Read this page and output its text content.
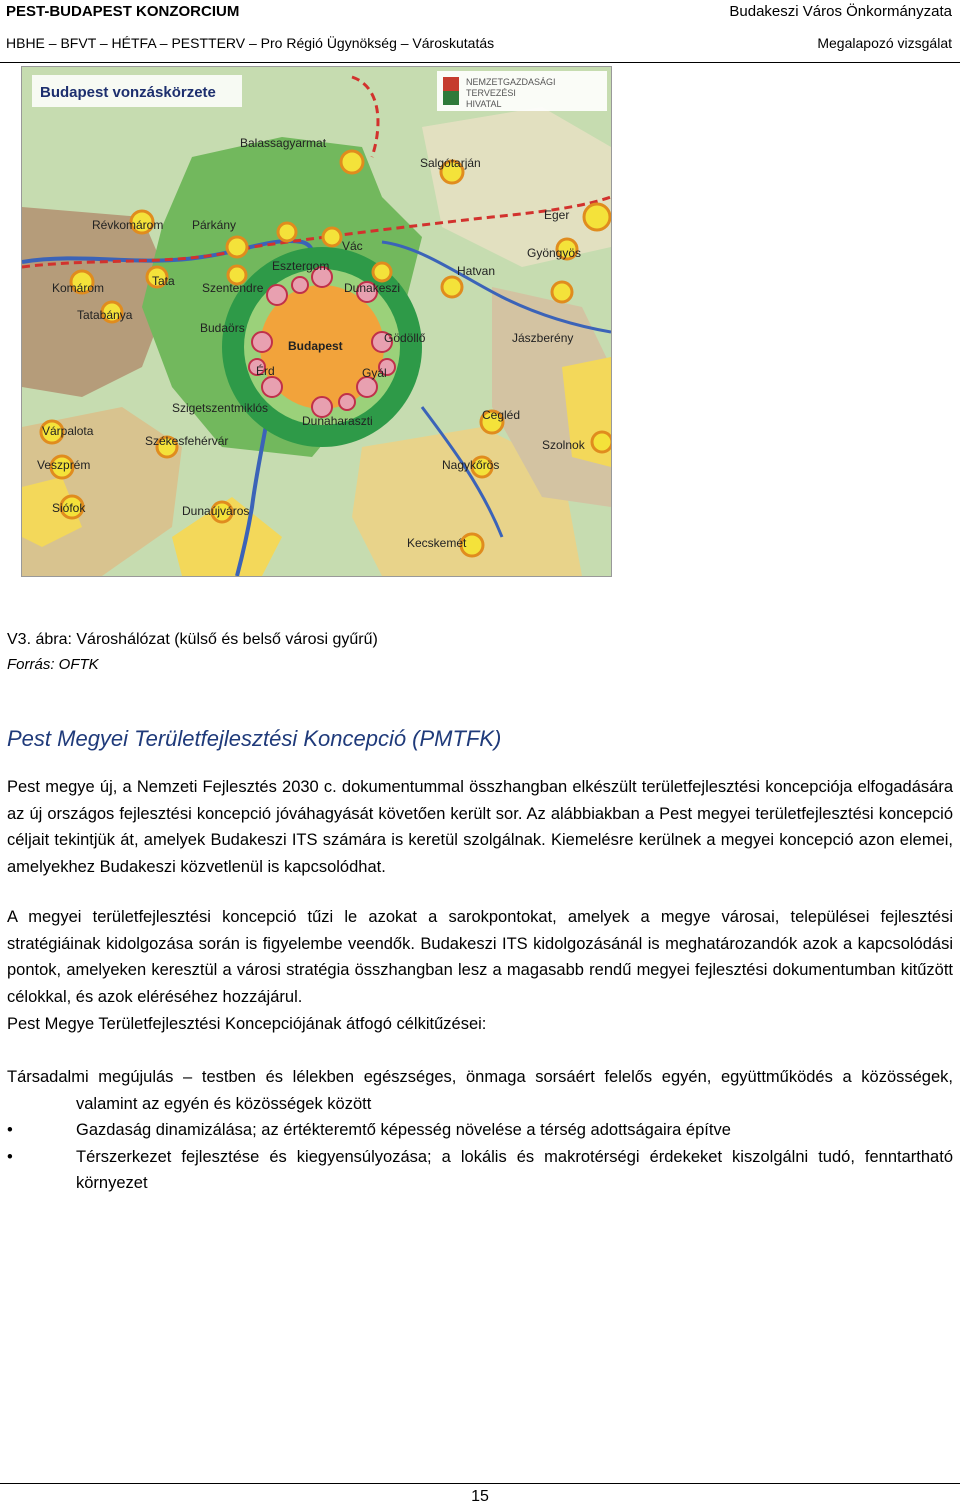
PEST-BUDAPEST KONZORCIUM	Budakeszi Város Önkormányzata
HBHE – BFVT – HÉTFA – PESTTERV – Pro Régió Ügynökség – Városkutatás	Megalapozó vizsgálat
Budapest vonzáskörzete
NEMZETGAZDASÁGI
TERVEZÉSI
HIVATAL
Balassagyarmat
Salgótarján
Eger
Gyöngyös
Révkomárom Párkány
Vác
Esztergom
Szentendre	Dunakeszi
Hatvan
Komárom	Tata
Tatabánya
Budaörs
Budapest
Gödöllő	Jászberény
Érd	Gyál
Szigetszentmiklós
Dunaharaszti	Cegléd
Szolnok
Várpalota
Székesfehérvár
Veszprém	Nagykőrös
Dunaújváros
Siófok
Kecskemét
V3. ábra: Városhálózat (külső és belső városi gyűrű)
Forrás: OFTK
Pest Megyei Területfejlesztési Koncepció (PMTFK)
Pest megye új, a Nemzeti Fejlesztés 2030 c. dokumentummal összhangban elkészült területfejlesztési koncepciója elfogadására az új országos fejlesztési koncepció jóváhagyását követően került sor. Az alábbiakban a Pest megyei területfejlesztési koncepció céljait tekintjük át, amelyek Budakeszi ITS számára is keretül szolgálnak. Kiemelésre kerülnek a megyei koncepció azon elemei, amelyekhez Budakeszi közvetlenül is kapcsolódhat.
A megyei területfejlesztési koncepció tűzi le azokat a sarokpontokat, amelyek a megye városai, települései fejlesztési stratégiáinak kidolgozása során is figyelembe veendők. Budakeszi ITS kidolgozásánál is meghatározandók azok a kapcsolódási pontok, amelyeken keresztül a városi stratégia összhangban lesz a magasabb rendű megyei fejlesztési dokumentumban kitűzött célokkal, és azok eléréséhez hozzájárul.
Pest Megye Területfejlesztési Koncepciójának átfogó célkitűzései:
Társadalmi megújulás – testben és lélekben egészséges, önmaga sorsáért felelős egyén, együttműködés a közösségek, valamint az egyén és közösségek között
•	Gazdaság dinamizálása; az értékteremtő képesség növelése a térség adottságaira építve
•	Térszerkezet fejlesztése és kiegyensúlyozása; a lokális és makrotérségi érdekeket kiszolgálni tudó, fenntartható környezet
15
